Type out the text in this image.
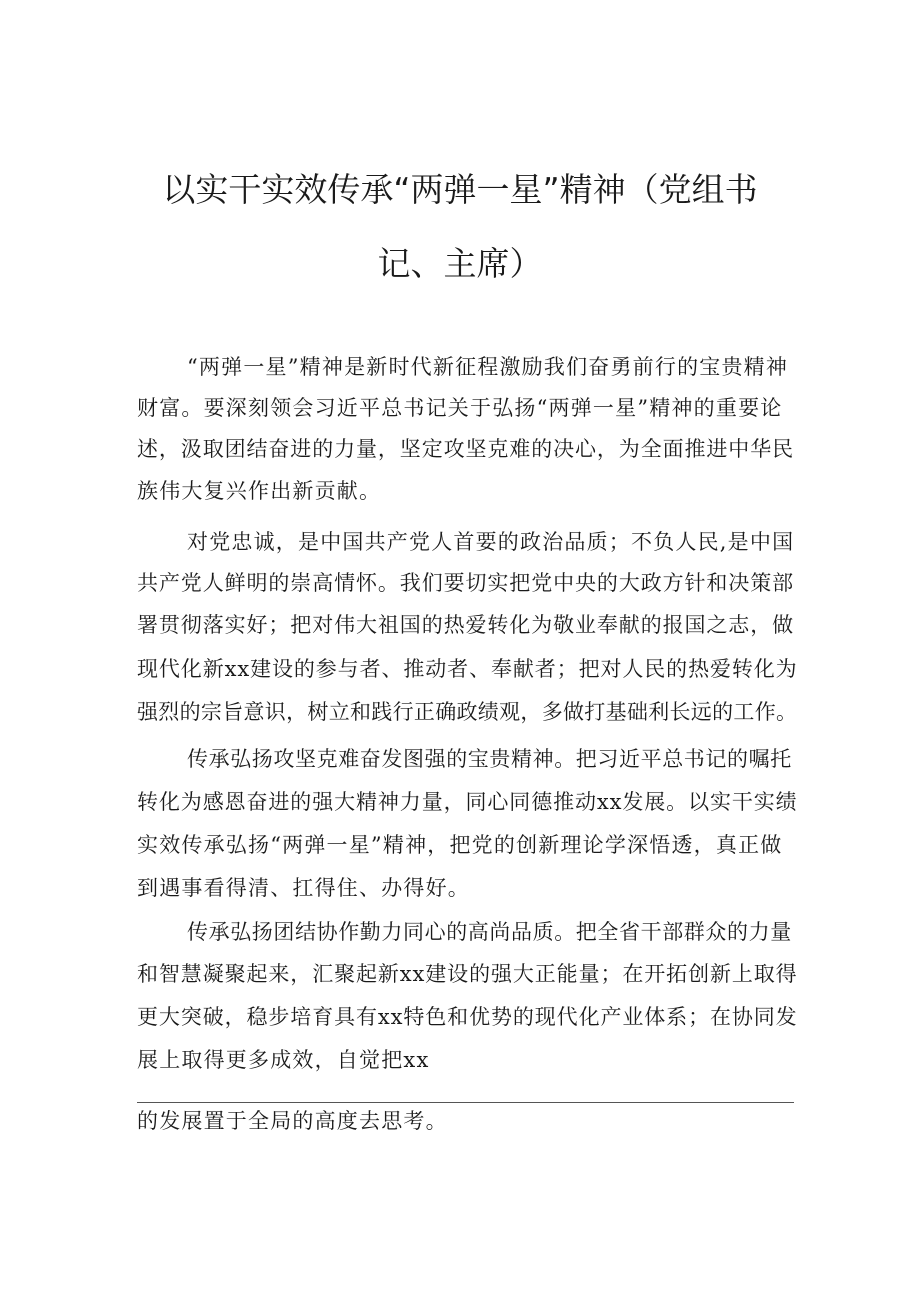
以实干实效传承“两弹一星”精神（党组书
记、主席）
“两弹一星”精神是新时代新征程激励我们奋勇前行的宝贵精神
财富。要深刻领会习近平总书记关于弘扬“两弹一星”精神的重要论
述，汲取团结奋进的力量，坚定攻坚克难的决心，为全面推进中华民
族伟大复兴作出新贡献。
对党忠诚，是中国共产党人首要的政治品质；不负人民,是中国
共产党人鲜明的崇高情怀。我们要切实把党中央的大政方针和决策部
署贯彻落实好；把对伟大祖国的热爱转化为敬业奉献的报国之志，做
现代化新xx建设的参与者、推动者、奉献者；把对人民的热爱转化为
强烈的宗旨意识，树立和践行正确政绩观，多做打基础利长远的工作。
传承弘扬攻坚克难奋发图强的宝贵精神。把习近平总书记的嘱托
转化为感恩奋进的强大精神力量，同心同德推动xx发展。以实干实绩
实效传承弘扬“两弹一星”精神，把党的创新理论学深悟透，真正做
到遇事看得清、扛得住、办得好。
传承弘扬团结协作勤力同心的高尚品质。把全省干部群众的力量
和智慧凝聚起来，汇聚起新xx建设的强大正能量；在开拓创新上取得
更大突破，稳步培育具有xx特色和优势的现代化产业体系；在协同发
展上取得更多成效，自觉把xx
的发展置于全局的高度去思考。
